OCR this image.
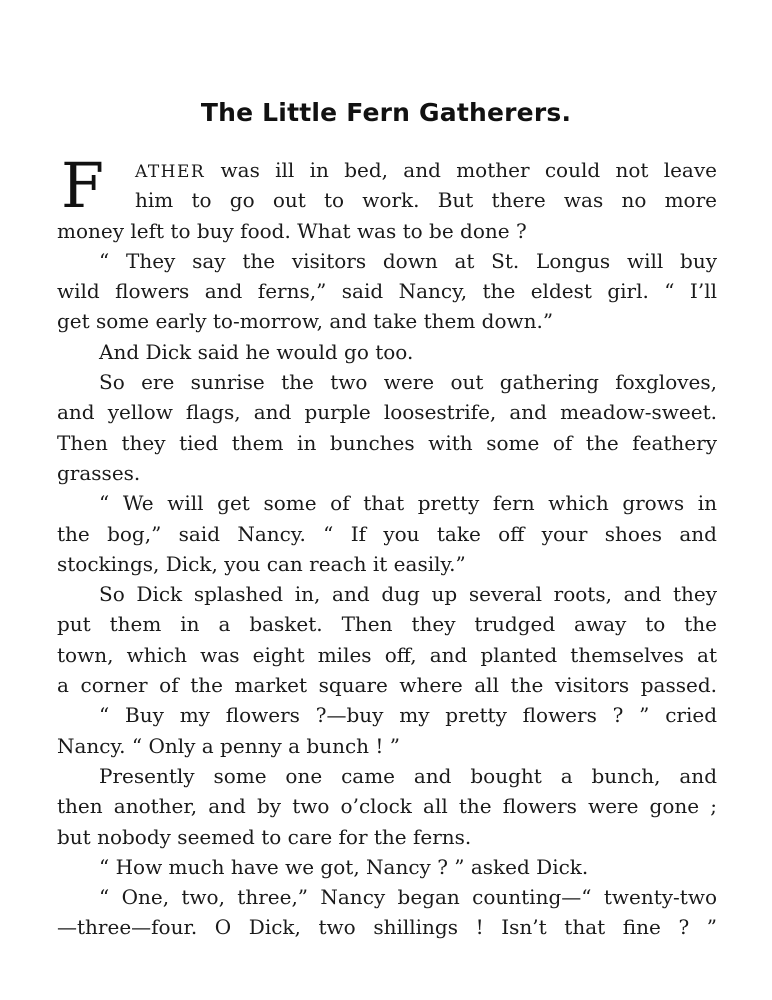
The Little Fern Gatherers.
F ATHER was ill in bed, and mother could not leave
him to go out to work. But there was no more
money left to buy food. What was to be done ?
“ They say the visitors down at St. Longus will buy
wild flowers and ferns,” said Nancy, the eldest girl. “ I’ll
get some early to-morrow, and take them down.”
And Dick said he would go too.
So ere sunrise the two were out gathering foxgloves,
and yellow flags, and purple loosestrife, and meadow-sweet.
Then they tied them in bunches with some of the feathery
grasses.
“ We will get some of that pretty fern which grows in
the bog,” said Nancy. “ If you take off your shoes and
stockings, Dick, you can reach it easily.”
So Dick splashed in, and dug up several roots, and they
put them in a basket. Then they trudged away to the
town, which was eight miles off, and planted themselves at
a corner of the market square where all the visitors passed.
“ Buy my flowers ?—buy my pretty flowers ? ” cried
Nancy. “ Only a penny a bunch ! ”
Presently some one came and bought a bunch, and
then another, and by two o’clock all the flowers were gone ;
but nobody seemed to care for the ferns.
“ How much have we got, Nancy ? ” asked Dick.
“ One, two, three,” Nancy began counting—“ twenty-two
—three—four. O Dick, two shillings ! Isn’t that fine ? ”
